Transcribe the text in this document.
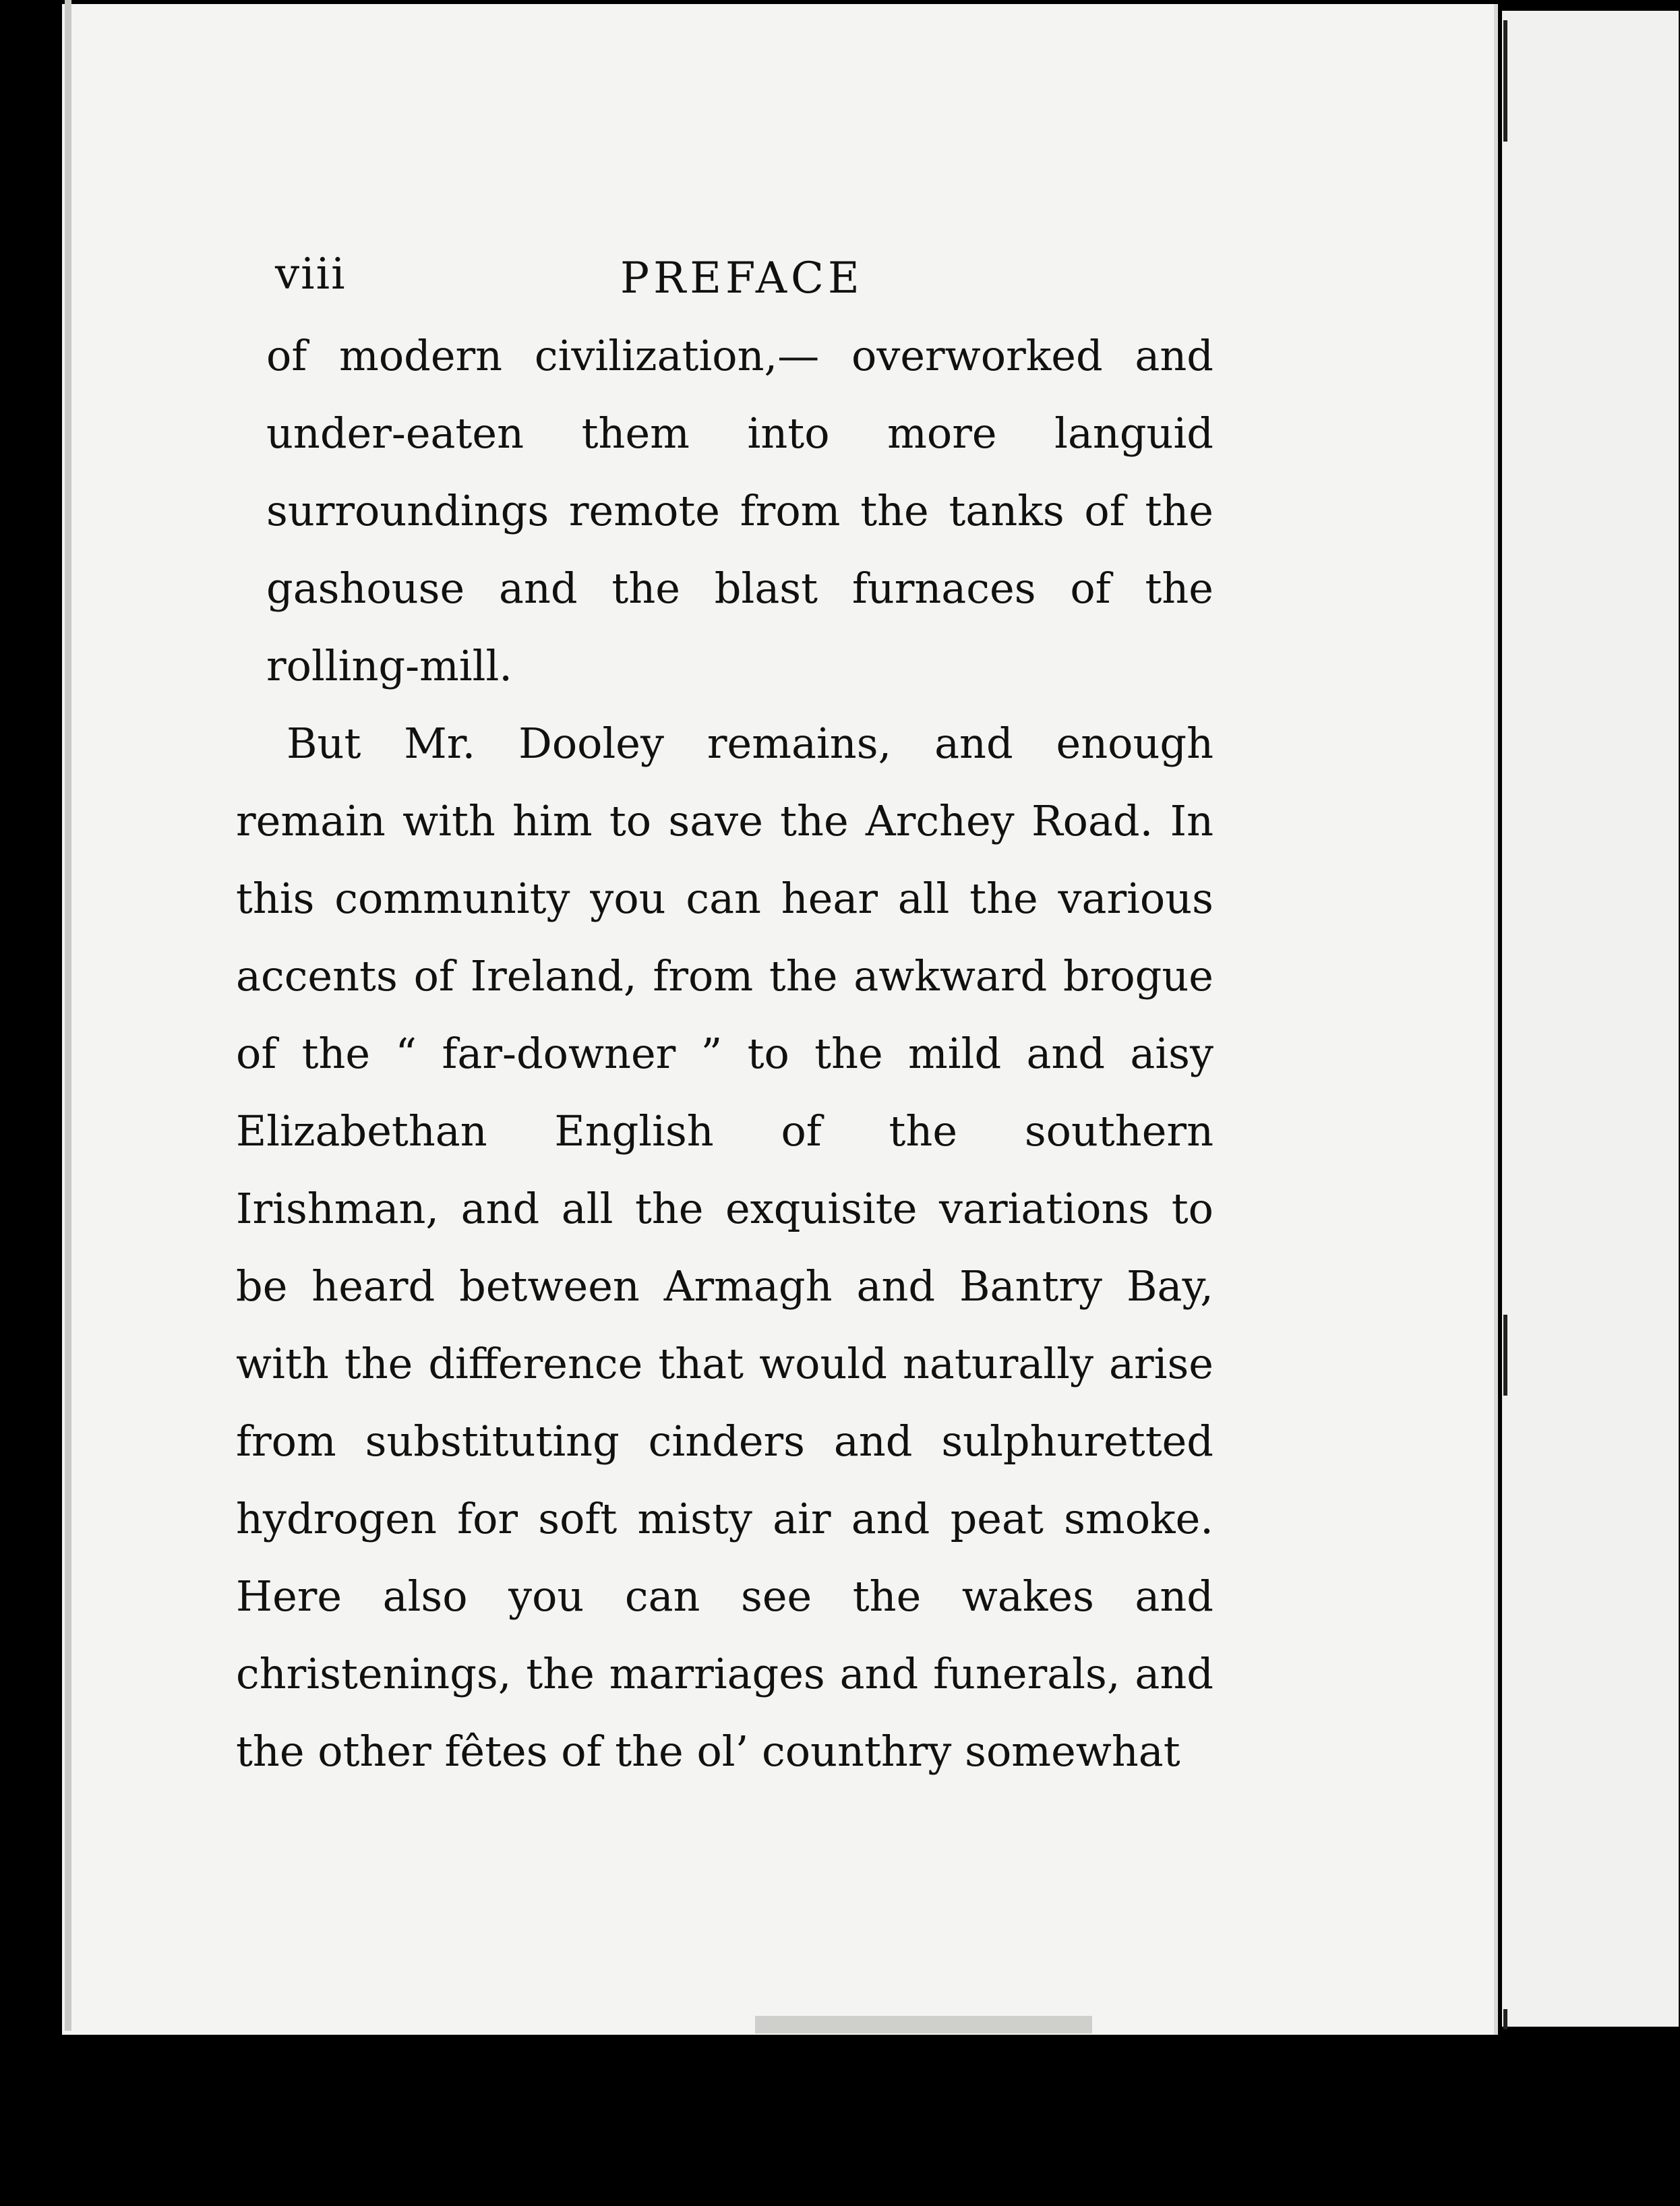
viii	PREFACE

of modern civilization,— overworked and under-eaten them into more languid surroundings remote from the tanks of the gashouse and the blast furnaces of the rolling-mill.

But Mr. Dooley remains, and enough remain with him to save the Archey Road. In this community you can hear all the various accents of Ireland, from the awkward brogue of the “ far-downer ” to the mild and aisy Elizabethan English of the southern Irishman, and all the exquisite variations to be heard between Armagh and Bantry Bay, with the difference that would naturally arise from substituting cinders and sulphuretted hydrogen for soft misty air and peat smoke. Here also you can see the wakes and christenings, the marriages and funerals, and the other fêtes of the ol’ counthry somewhat
